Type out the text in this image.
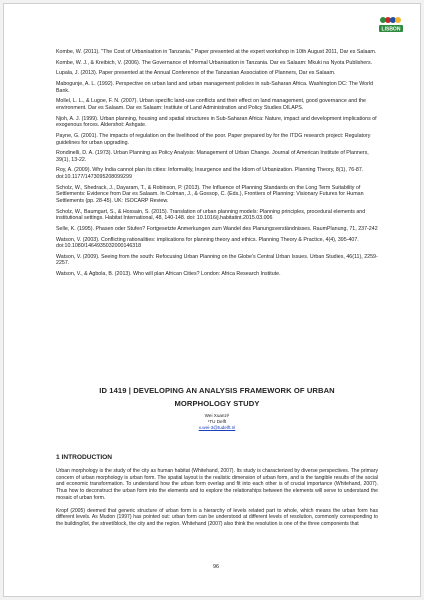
LISBON

Kombe, W. (2011). "The Cost of Urbanisation in Tanzania." Paper presented at the expert workshop in 10th August 2011, Dar es Salaam.

Kombe, W. J., & Kreibich, V. (2006). The Governance of Informal Urbanisation in Tanzania. Dar es Salaam: Mkuki na Nyota Publishers.

Lupala, J. (2013). Paper presented at the Annual Conference of the Tanzanian Association of Planners, Dar es Salaam.

Mabogunje, A. L. (1992). Perspective on urban land and urban management policies in sub-Saharan Africa. Washington DC: The World Bank.

Mollel, L. L., & Lugoe, F. N. (2007). Urban specific land-use conflicts and their effect on land management, good governance and the environment. Dar es Salaam. Dar es Salaam: Institute of Land Administration and Policy Studies DILAPS.

Njoh, A. J. (1999). Urban planning, housing and spatial structures in Sub-Saharan Africa: Nature, impact and development implications of exogenous forces. Aldershot: Ashgate.

Payne, G. (2001). The impacts of regulation on the livelihood of the poor. Paper prepared by for the ITDG research project: Regulatory guidelines for urban upgrading.

Rondinelli, D. A. (1973). Urban Planning as Policy Analysis: Management of Urban Change. Journal of American Institute of Planners, 39(1), 13-22.

Roy, A. (2009). Why India cannot plan its cities: Informality, Insurgence and the Idiom of Urbanization. Planning Theory, 8(1), 76-87. doi:10.1177/1473095208099299

Scholz, W., Shedrack, J., Dayaram, T., & Robinson, P. (2013). The Influence of Planning Standards on the Long Term Suitability of Settlements: Evidence from Dar es Salaam. In Colman, J., & Gossop, C. (Eds.), Frontiers of Planning: Visionary Futures for Human Settlements (pp. 28-45). UK: ISOCARP Review.

Scholz, W., Baumgart, S., & Hossain, S. (2015). Translation of urban planning models: Planning principles, procedural elements and institutional settings. Habitat International, 48, 140-148. doi: 10.1016/j.habitatint.2015.03.006

Selle, K. (1995). Phasen oder Stufen? Fortgesetzte Anmerkungen zum Wandel des Planungsverständnisses. RaumPlanung, 71, 237-242

Watson, V. (2003). Conflicting rationalities: implications for planning theory and ethics. Planning Theory & Practice, 4(4), 395-407. doi:10.1080/1464935032000146318

Watson, V. (2009). Seeing from the south: Refocusing Urban Planning on the Globe's Central Urban Issues. Urban Studies, 46(11), 2259-2257.

Watson, V., & Agbola, B. (2013). Who will plan African Cities? London: Africa Research Institute.

ID 1419 | DEVELOPING AN ANALYSIS FRAMEWORK OF URBAN
MORPHOLOGY STUDY
Wei Xuanzi¹
¹TU Delft
x.wei-3@tudelft.nl
1 INTRODUCTION

Urban morphology is the study of the city as human habitat (Whitehand, 2007). Its study is characterized by diverse perspectives. The primary concern of urban morphology is urban form. The spatial layout is the realistic dimension of urban form, and is the tangible results of the social and economic transformation. To understand how the urban form overlap and fit into each other is of crucial importance (Whitehand, 2007). Thus how to deconstruct the urban form into the elements and to explore the relationships between the elements will serve to understand the mosaic of urban form.

Kropf (2005) deemed that generic structure of urban form is a hierarchy of levels related part to whole, which means the urban form has different levels. As Mudon (1997) has pointed out: urban form can be understood at different levels of resolution, commonly corresponding to the building/lot, the street/block, the city and the region. Whitehand (2007) also think the resolution is one of the three components that

96
